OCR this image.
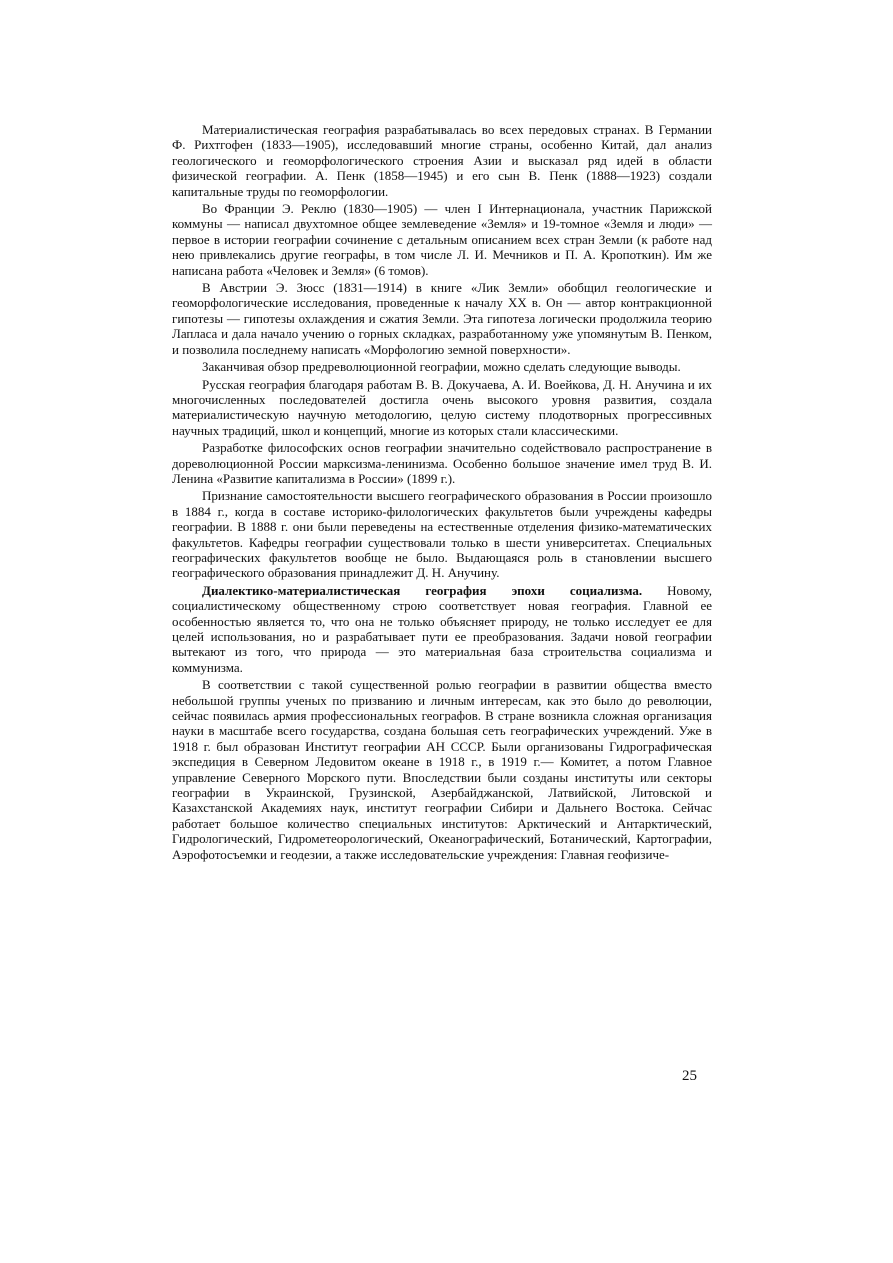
Материалистическая география разрабатывалась во всех передовых странах. В Германии Ф. Рихтгофен (1833—1905), исследовавший многие страны, особенно Китай, дал анализ геологического и геоморфологического строения Азии и высказал ряд идей в области физической географии. А. Пенк (1858—1945) и его сын В. Пенк (1888—1923) создали капитальные труды по геоморфологии.

Во Франции Э. Реклю (1830—1905) — член I Интернационала, участник Парижской коммуны — написал двухтомное общее землеведение «Земля» и 19-томное «Земля и люди» — первое в истории географии сочинение с детальным описанием всех стран Земли (к работе над нею привлекались другие географы, в том числе Л. И. Мечников и П. А. Кропоткин). Им же написана работа «Человек и Земля» (6 томов).

В Австрии Э. Зюсс (1831—1914) в книге «Лик Земли» обобщил геологические и геоморфологические исследования, проведенные к началу XX в. Он — автор контракционной гипотезы — гипотезы охлаждения и сжатия Земли. Эта гипотеза логически продолжила теорию Лапласа и дала начало учению о горных складках, разработанному уже упомянутым В. Пенком, и позволила последнему написать «Морфологию земной поверхности».

Заканчивая обзор предреволюционной географии, можно сделать следующие выводы.

Русская география благодаря работам В. В. Докучаева, А. И. Воейкова, Д. Н. Анучина и их многочисленных последователей достигла очень высокого уровня развития, создала материалистическую научную методологию, целую систему плодотворных прогрессивных научных традиций, школ и концепций, многие из которых стали классическими.

Разработке философских основ географии значительно содействовало распространение в дореволюционной России марксизма-ленинизма. Особенно большое значение имел труд В. И. Ленина «Развитие капитализма в России» (1899 г.).

Признание самостоятельности высшего географического образования в России произошло в 1884 г., когда в составе историко-филологических факультетов были учреждены кафедры географии. В 1888 г. они были переведены на естественные отделения физико-математических факультетов. Кафедры географии существовали только в шести университетах. Специальных географических факультетов вообще не было. Выдающаяся роль в становлении высшего географического образования принадлежит Д. Н. Анучину.

Диалектико-материалистическая география эпохи социализма. Новому, социалистическому общественному строю соответствует новая география. Главной ее особенностью является то, что она не только объясняет природу, не только исследует ее для целей использования, но и разрабатывает пути ее преобразования. Задачи новой географии вытекают из того, что природа — это материальная база строительства социализма и коммунизма.

В соответствии с такой существенной ролью географии в развитии общества вместо небольшой группы ученых по призванию и личным интересам, как это было до революции, сейчас появилась армия профессиональных географов. В стране возникла сложная организация науки в масштабе всего государства, создана большая сеть географических учреждений. Уже в 1918 г. был образован Институт географии АН СССР. Были организованы Гидрографическая экспедиция в Северном Ледовитом океане в 1918 г., в 1919 г.— Комитет, а потом Главное управление Северного Морского пути. Впоследствии были созданы институты или секторы географии в Украинской, Грузинской, Азербайджанской, Латвийской, Литовской и Казахстанской Академиях наук, институт географии Сибири и Дальнего Востока. Сейчас работает большое количество специальных институтов: Арктический и Антарктический, Гидрологический, Гидрометеорологический, Океанографический, Ботанический, Картографии, Аэрофотосъемки и геодезии, а также исследовательские учреждения: Главная геофизиче-

25
